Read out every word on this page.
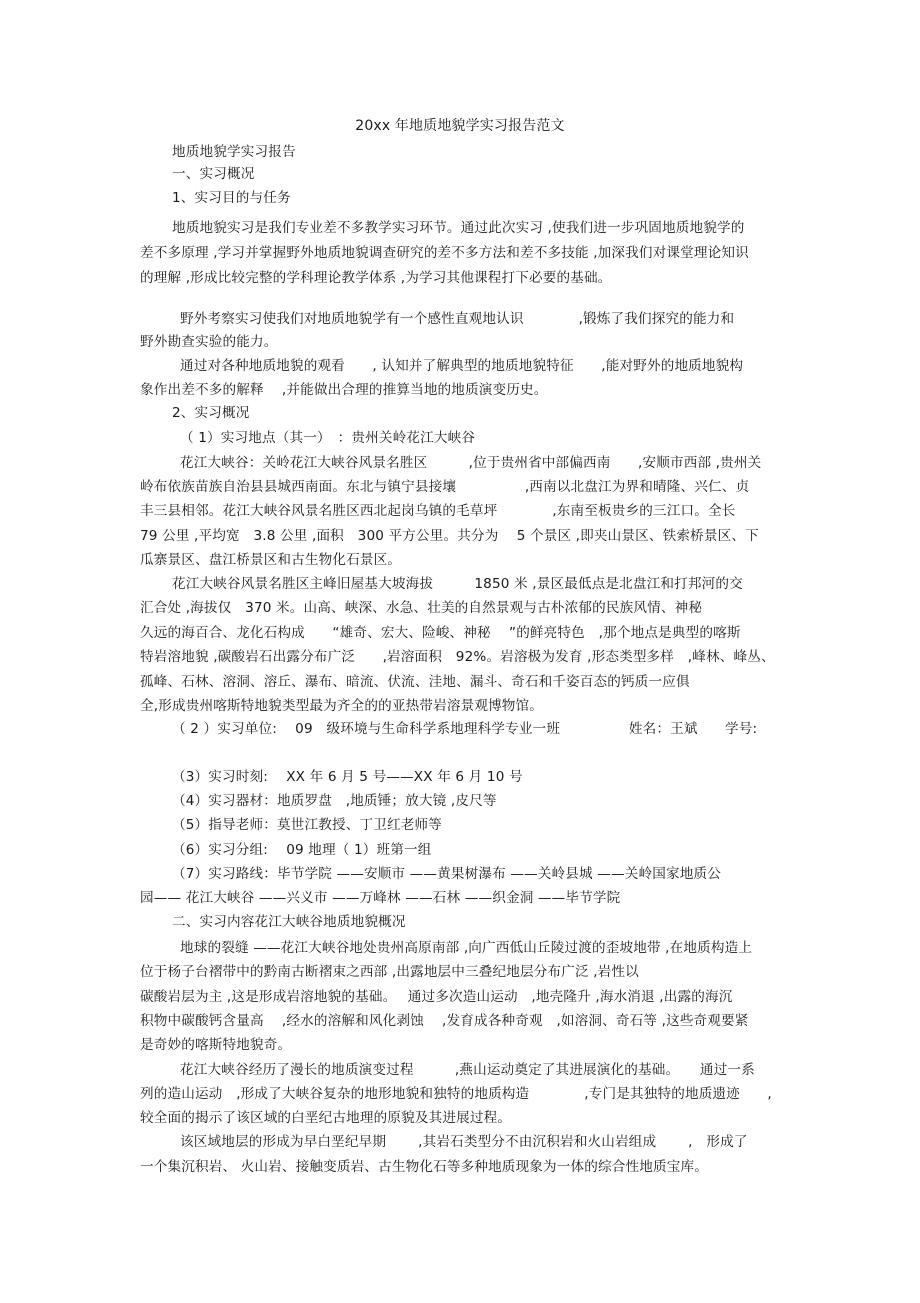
20xx 年地质地貌学实习报告范文
地质地貌学实习报告
一、实习概况
1、实习目的与任务
地质地貌实习是我们专业差不多教学实习环节。通过此次实习 ,使我们进一步巩固地质地貌学的
差不多原理 ,学习并掌握野外地质地貌调查研究的差不多方法和差不多技能 ,加深我们对课堂理论知识
的理解 ,形成比较完整的学科理论教学体系 ,为学习其他课程打下必要的基础。
野外考察实习使我们对地质地貌学有一个感性直观地认识　　　　,锻炼了我们探究的能力和
野外勘查实验的能力。
通过对各种地质地貌的观看　　, 认知并了解典型的地质地貌特征　　,能对野外的地质地貌构
象作出差不多的解释　 ,并能做出合理的推算当地的地质演变历史。
2、实习概况
（ 1）实习地点（其一）　：贵州关岭花江大峡谷
花江大峡谷：关岭花江大峡谷风景名胜区　　　,位于贵州省中部偏西南　　,安顺市西部 ,贵州关
岭布依族苗族自治县县城西南面。东北与镇宁县接壤　　　　　,西南以北盘江为界和晴隆、兴仁、贞
丰三县相邻。花江大峡谷风景名胜区西北起岗乌镇的毛草坪　　　　,东南至板贵乡的三江口。全长
79 公里 ,平均宽　3.8 公里 ,面积　300 平方公里。共分为　 5 个景区 ,即夹山景区、铁索桥景区、下
瓜寨景区、盘江桥景区和古生物化石景区。
花江大峡谷风景名胜区主峰旧屋基大坡海拔　　　1850 米 ,景区最低点是北盘江和打邦河的交
汇合处 ,海拔仅　370 米。山高、峡深、水急、壮美的自然景观与古朴浓郁的民族风情、神秘
久远的海百合、龙化石构成　　“雄奇、宏大、险峻、神秘　 ”的鲜亮特色　,那个地点是典型的喀斯
特岩溶地貌 ,碳酸岩石出露分布广泛　　,岩溶面积　92%。岩溶极为发育 ,形态类型多样　,峰林、峰丛、
孤峰、石林、溶洞、溶丘、瀑布、暗流、伏流、洼地、漏斗、奇石和千姿百态的钙质一应俱
全,形成贵州喀斯特地貌类型最为齐全的的亚热带岩溶景观博物馆。
（ 2 ）实习单位:　 09　级环境与生命科学系地理科学专业一班　　　　　姓名：王斌　　学号:
（3）实习时刻:　 XX 年 6 月 5 号——XX 年 6 月 10 号
（4）实习器材：地质罗盘　,地质锤；放大镜 ,皮尺等
（5）指导老师：莫世江教授、丁卫红老师等
（6）实习分组:　 09 地理（ 1）班第一组
（7）实习路线：毕节学院 ——安顺市 ——黄果树瀑布 ——关岭县城 ——关岭国家地质公
园—— 花江大峡谷 ——兴义市 ——万峰林 ——石林 ——织金洞 ——毕节学院
二、实习内容花江大峡谷地质地貌概况
地球的裂缝 ——花江大峡谷地处贵州高原南部 ,向广西低山丘陵过渡的歪坡地带 ,在地质构造上
位于杨子台褶带中的黔南古断褶束之西部 ,出露地层中三叠纪地层分布广泛 ,岩性以
碳酸岩层为主 ,这是形成岩溶地貌的基础。　 通过多次造山运动　,地壳隆升 ,海水消退 ,出露的海沉
积物中碳酸钙含量高　 ,经水的溶解和风化剥蚀　 ,发育成各种奇观　,如溶洞、奇石等 ,这些奇观要紧
是奇妙的喀斯特地貌奇。
花江大峡谷经历了漫长的地质演变过程　　　,燕山运动奠定了其进展演化的基础。　　通过一系
列的造山运动　,形成了大峡谷复杂的地形地貌和独特的地质构造　　　　,专门是其独特的地质遗迹　　,
较全面的揭示了该区域的白垩纪古地理的原貌及其进展过程。
该区域地层的形成为早白垩纪早期　　 ,其岩石类型分不由沉积岩和火山岩组成　　 ,　形成了
一个集沉积岩、 火山岩、接触变质岩、古生物化石等多种地质现象为一体的综合性地质宝库。
